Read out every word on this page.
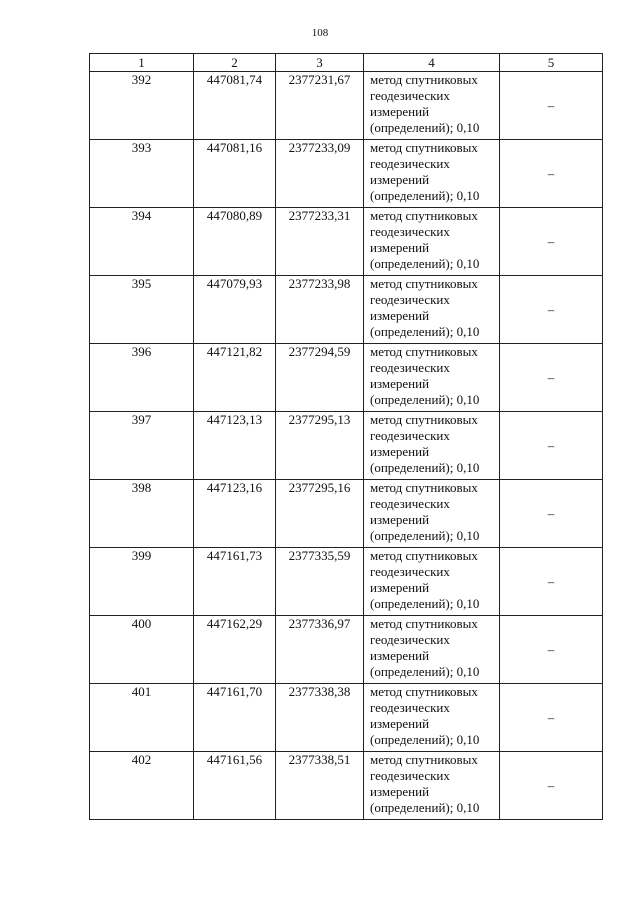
108
1	2	3	4	5
392	447081,74	2377231,67	метод спутниковых геодезических измерений (определений); 0,10	–
393	447081,16	2377233,09	метод спутниковых геодезических измерений (определений); 0,10	–
394	447080,89	2377233,31	метод спутниковых геодезических измерений (определений); 0,10	–
395	447079,93	2377233,98	метод спутниковых геодезических измерений (определений); 0,10	–
396	447121,82	2377294,59	метод спутниковых геодезических измерений (определений); 0,10	–
397	447123,13	2377295,13	метод спутниковых геодезических измерений (определений); 0,10	–
398	447123,16	2377295,16	метод спутниковых геодезических измерений (определений); 0,10	–
399	447161,73	2377335,59	метод спутниковых геодезических измерений (определений); 0,10	–
400	447162,29	2377336,97	метод спутниковых геодезических измерений (определений); 0,10	–
401	447161,70	2377338,38	метод спутниковых геодезических измерений (определений); 0,10	–
402	447161,56	2377338,51	метод спутниковых геодезических измерений (определений); 0,10	–
